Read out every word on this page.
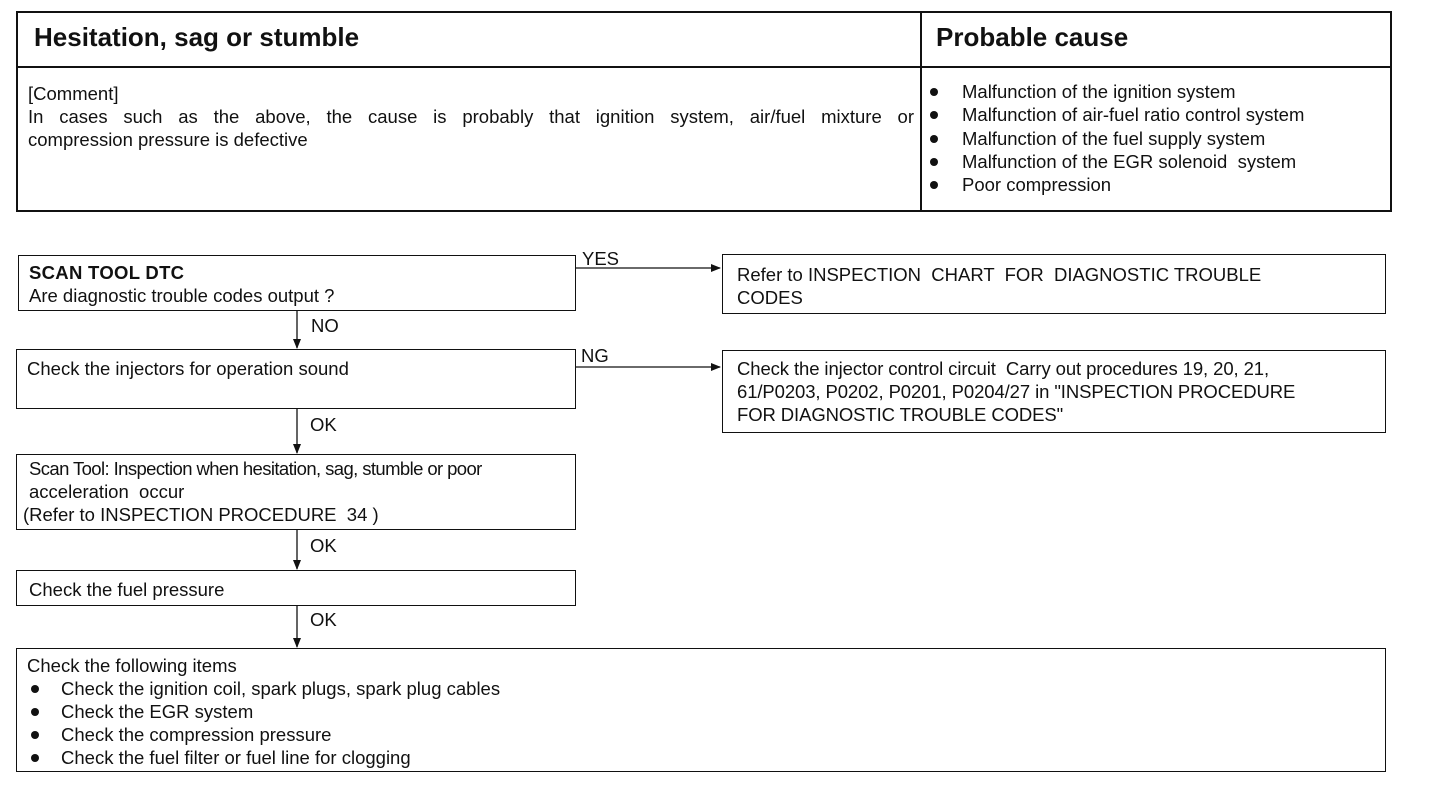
Hesitation, sag or stumble	Probable cause
[Comment]
In cases such as the above, the cause is probably that ignition system, air/fuel mixture or
compression pressure is defective
Malfunction of the ignition system
Malfunction of air-fuel ratio control system
Malfunction of the fuel supply system
Malfunction of the EGR solenoid  system
Poor compression
YES
NG
NO
OK
OK
OK
SCAN TOOL DTC
Are diagnostic trouble codes output ?
Refer to INSPECTION  CHART  FOR  DIAGNOSTIC TROUBLE
CODES
Check the injectors for operation sound	Check the injector control circuit  Carry out procedures 19, 20, 21,
61/P0203, P0202, P0201, P0204/27 in "INSPECTION PROCEDURE
FOR DIAGNOSTIC TROUBLE CODES"
Scan Tool: Inspection when hesitation, sag, stumble or poor
acceleration  occur
(Refer to INSPECTION PROCEDURE  34 )
Check the fuel pressure
Check the following items
Check the ignition coil, spark plugs, spark plug cables
Check the EGR system
Check the compression pressure
Check the fuel filter or fuel line for clogging
